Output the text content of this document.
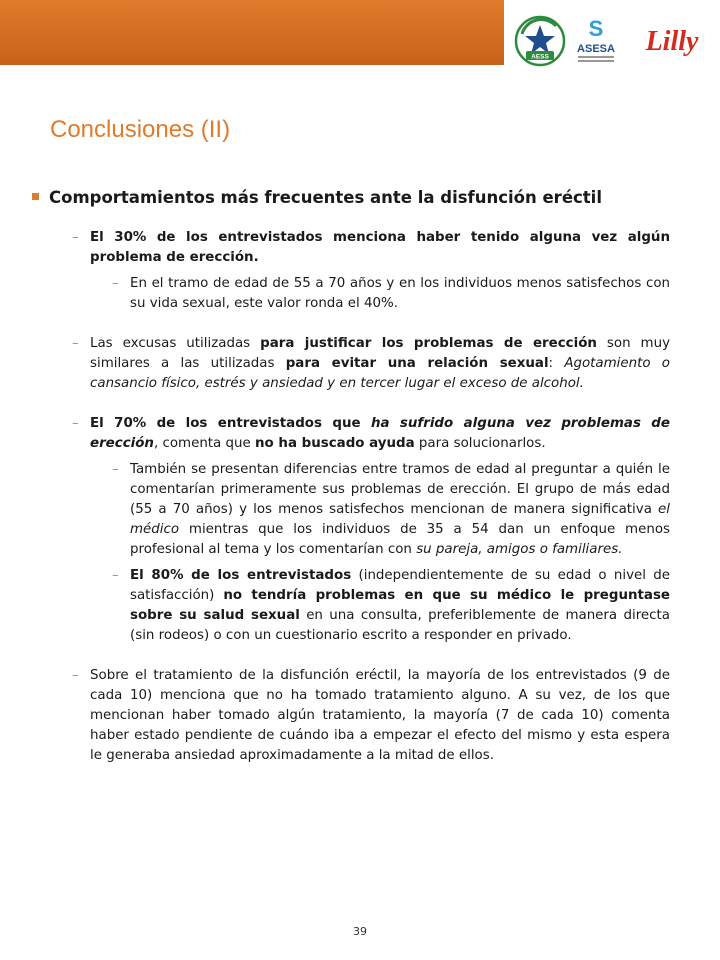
AESS
S
ASESA Lilly
Conclusiones (II)
Comportamientos más frecuentes ante la disfunción eréctil
– El 30% de los entrevistados menciona haber tenido alguna vez algún problema de erección.
– En el tramo de edad de 55 a 70 años y en los individuos menos satisfechos con su vida sexual, este valor ronda el 40%.
– Las excusas utilizadas para justificar los problemas de erección son muy similares a las utilizadas para evitar una relación sexual: Agotamiento o cansancio físico, estrés y ansiedad y en tercer lugar el exceso de alcohol.
– El 70% de los entrevistados que ha sufrido alguna vez problemas de erección, comenta que no ha buscado ayuda para solucionarlos.
– También se presentan diferencias entre tramos de edad al preguntar a quién le comentarían primeramente sus problemas de erección. El grupo de más edad (55 a 70 años) y los menos satisfechos mencionan de manera significativa el médico mientras que los individuos de 35 a 54 dan un enfoque menos profesional al tema y los comentarían con su pareja, amigos o familiares.
– El 80% de los entrevistados (independientemente de su edad o nivel de satisfacción) no tendría problemas en que su médico le preguntase sobre su salud sexual en una consulta, preferiblemente de manera directa (sin rodeos) o con un cuestionario escrito a responder en privado.
– Sobre el tratamiento de la disfunción eréctil, la mayoría de los entrevistados (9 de cada 10) menciona que no ha tomado tratamiento alguno. A su vez, de los que mencionan haber tomado algún tratamiento, la mayoría (7 de cada 10) comenta haber estado pendiente de cuándo iba a empezar el efecto del mismo y esta espera le generaba ansiedad aproximadamente a la mitad de ellos.
39
